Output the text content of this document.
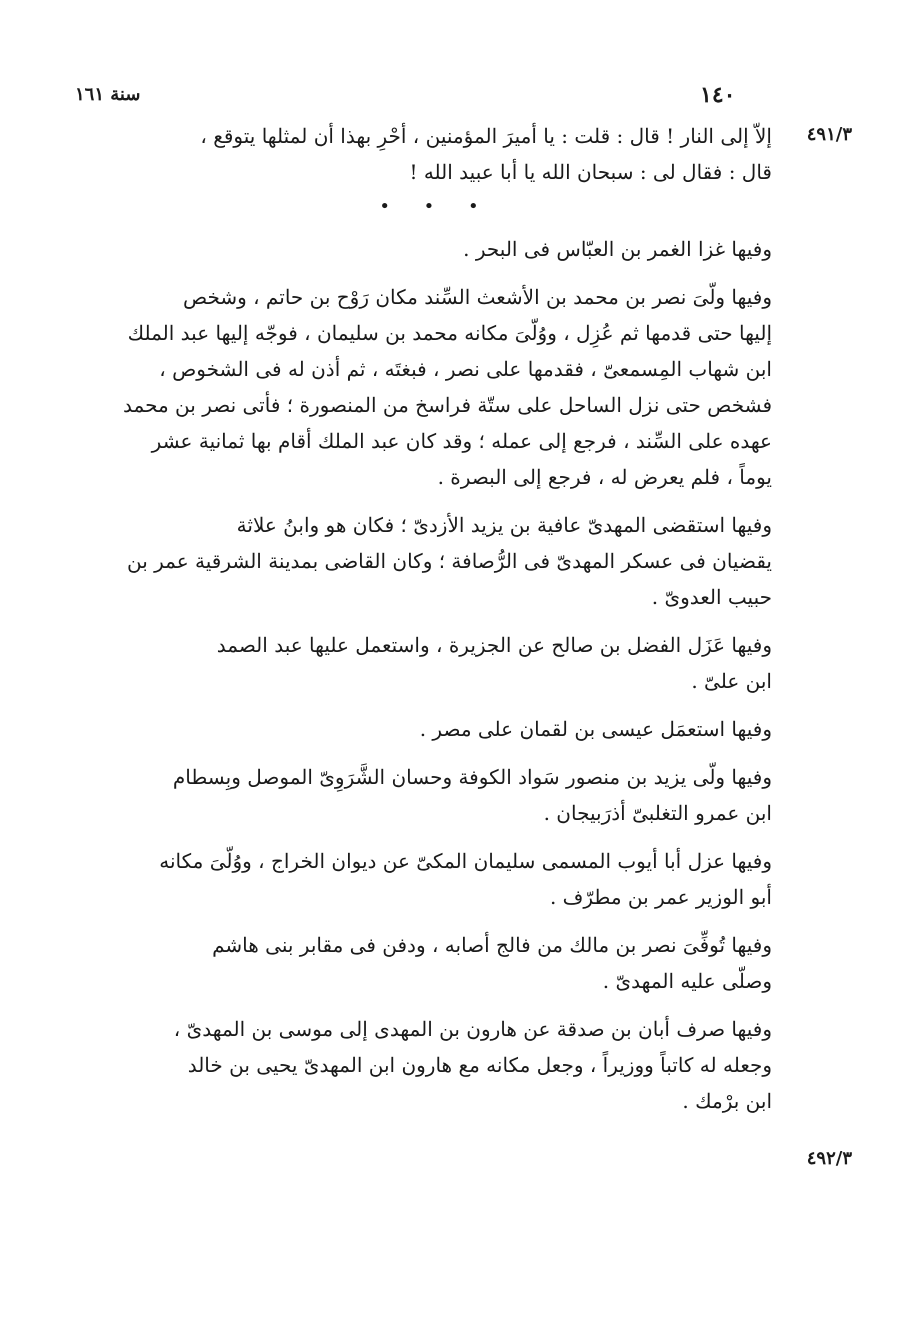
١٤٠
سنة ١٦١
٤٩١/٣
٤٩٢/٣
إلاّ إلى النار ! قال : قلت : يا أميرَ المؤمنين ، أحْرِ بهذا أن لمثلها يتوقع ،
قال : فقال لى : سبحان الله يا أبا عبيد الله !
• • •
وفيها غزا الغمر بن العبّاس فى البحر .
وفيها ولّىَ نصر بن محمد بن الأشعث السِّند مكان رَوْح بن حاتم ، وشخص
إليها حتى قدمها ثم عُزِل ، ووُلّىَ مكانه محمد بن سليمان ، فوجّه إليها عبد الملك
ابن شهاب المِسمعىّ ، فقدمها على نصر ، فبغتَه ، ثم أذن له فى الشخوص ،
فشخص حتى نزل الساحل على ستّة فراسخ من المنصورة ؛ فأتى نصر بن محمد
عهده على السِّند ، فرجع إلى عمله ؛ وقد كان عبد الملك أقام بها ثمانية عشر
يوماً ، فلم يعرض له ، فرجع إلى البصرة .
وفيها استقضى المهدىّ عافية بن يزيد الأزدىّ ؛ فكان هو وابنُ علاثة
يقضيان فى عسكر المهدىّ فى الرُّصافة ؛ وكان القاضى بمدينة الشرقية عمر بن
حبيب العدوىّ .
وفيها عَزَل الفضل بن صالح عن الجزيرة ، واستعمل عليها عبد الصمد
ابن علىّ .
وفيها استعمَل عيسى بن لقمان على مصر .
وفيها ولّى يزيد بن منصور سَواد الكوفة وحسان الشَّرَوِىّ الموصل وبِسطام
ابن عمرو التغلبىّ أذرَبيجان .
وفيها عزل أبا أيوب المسمى سليمان المكىّ عن ديوان الخراج ، ووُلّىَ مكانه
أبو الوزير عمر بن مطرّف .
وفيها تُوفِّىَ نصر بن مالك من فالج أصابه ، ودفن فى مقابر بنى هاشم
وصلّى عليه المهدىّ .
وفيها صرف أبان بن صدقة عن هارون بن المهدى إلى موسى بن المهدىّ ،
وجعله له كاتباً ووزيراً ، وجعل مكانه مع هارون ابن المهدىّ يحيى بن خالد
ابن برْمك .
